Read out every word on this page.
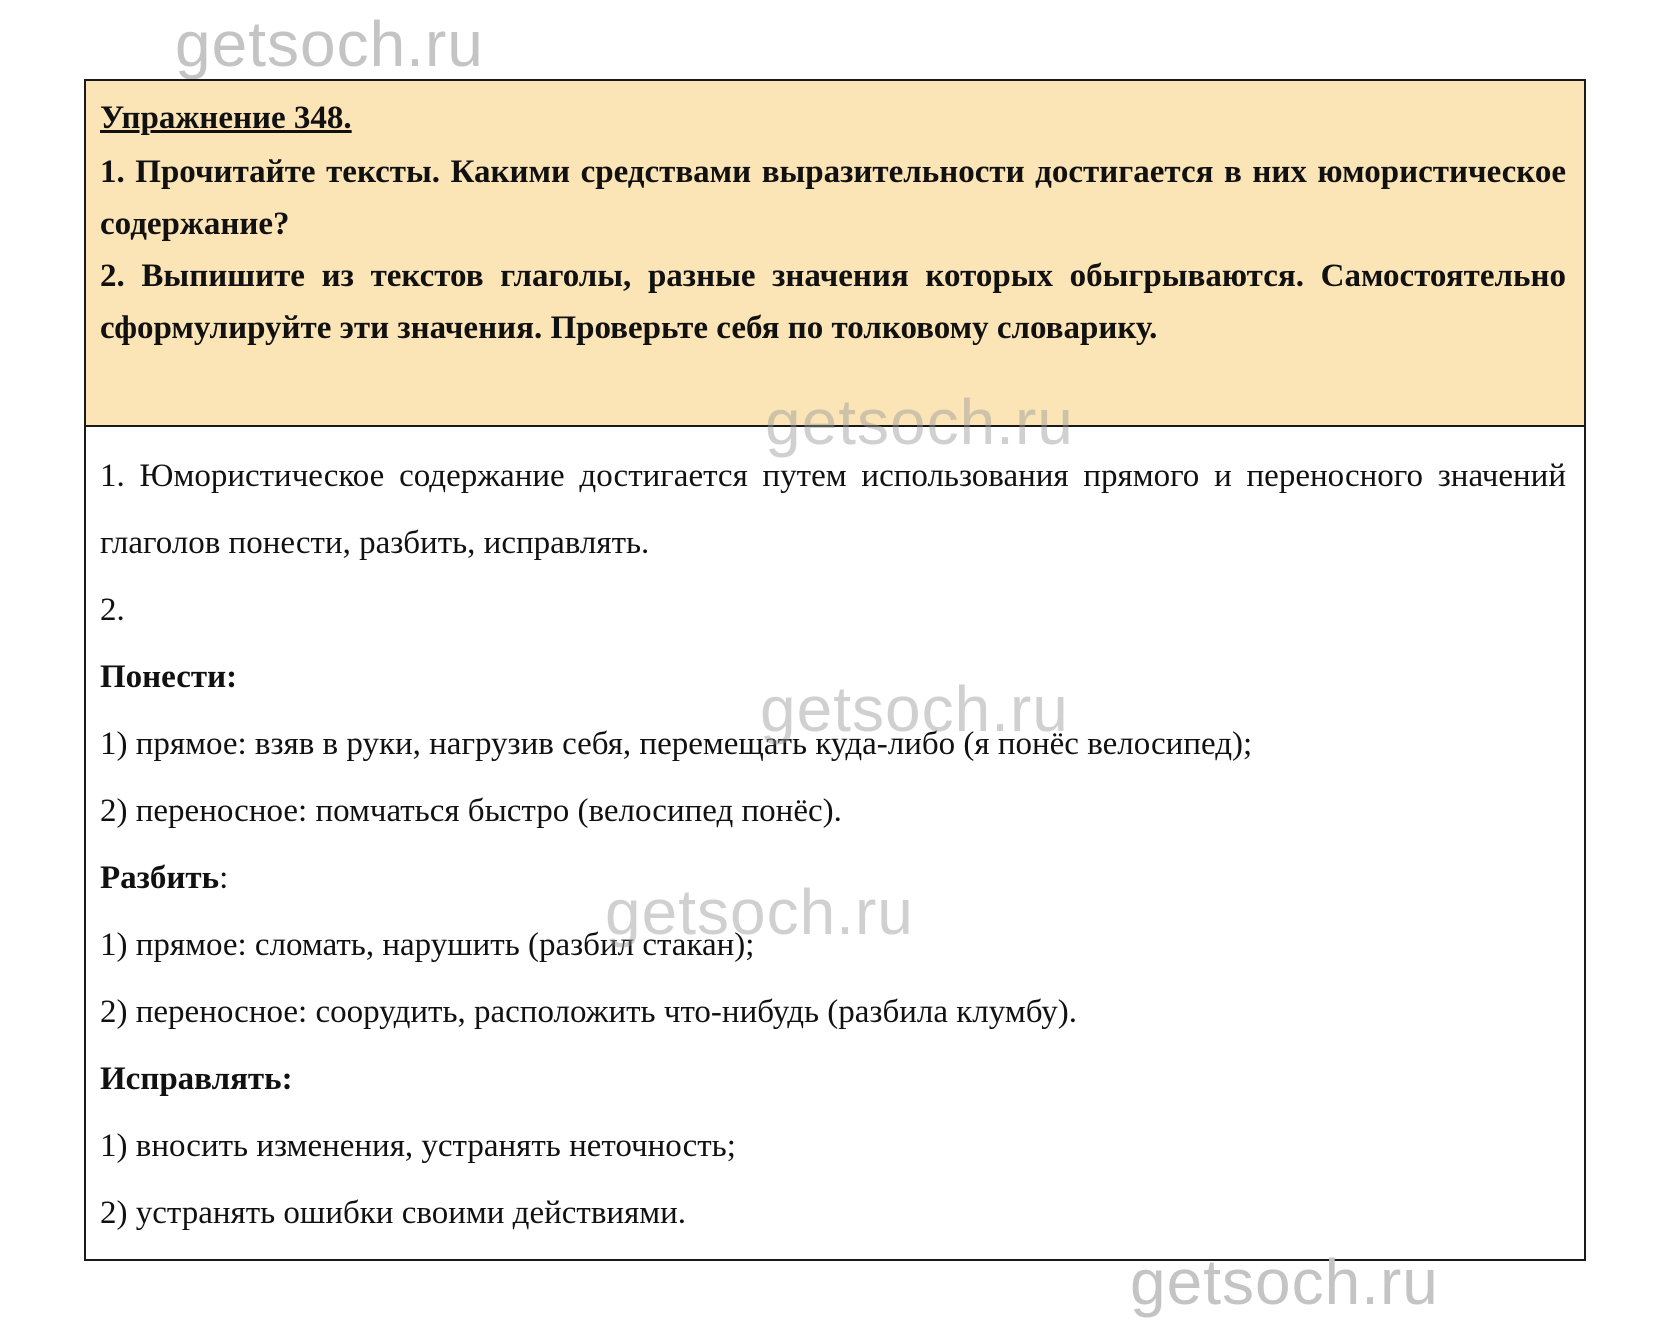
getsoch.ru

Упражнение 348.

1. Прочитайте тексты. Какими средствами выразительности достигается в них юмористическое содержание?

2. Выпишите из текстов глаголы, разные значения которых обыгрываются. Самостоятельно сформулируйте эти значения. Проверьте себя по толковому словарику.

1. Юмористическое содержание достигается путем использования прямого и переносного значений глаголов понести, разбить, исправлять.

2.

Понести:

1) прямое: взяв в руки, нагрузив себя, перемещать куда-либо (я понёс велосипед);

2) переносное: помчаться быстро (велосипед понёс).

Разбить:

1) прямое: сломать, нарушить (разбил стакан);

2) переносное: соорудить, расположить что-нибудь (разбила клумбу).

Исправлять:

1) вносить изменения, устранять неточность;

2) устранять ошибки своими действиями.

getsoch.ru
getsoch.ru
getsoch.ru
getsoch.ru
